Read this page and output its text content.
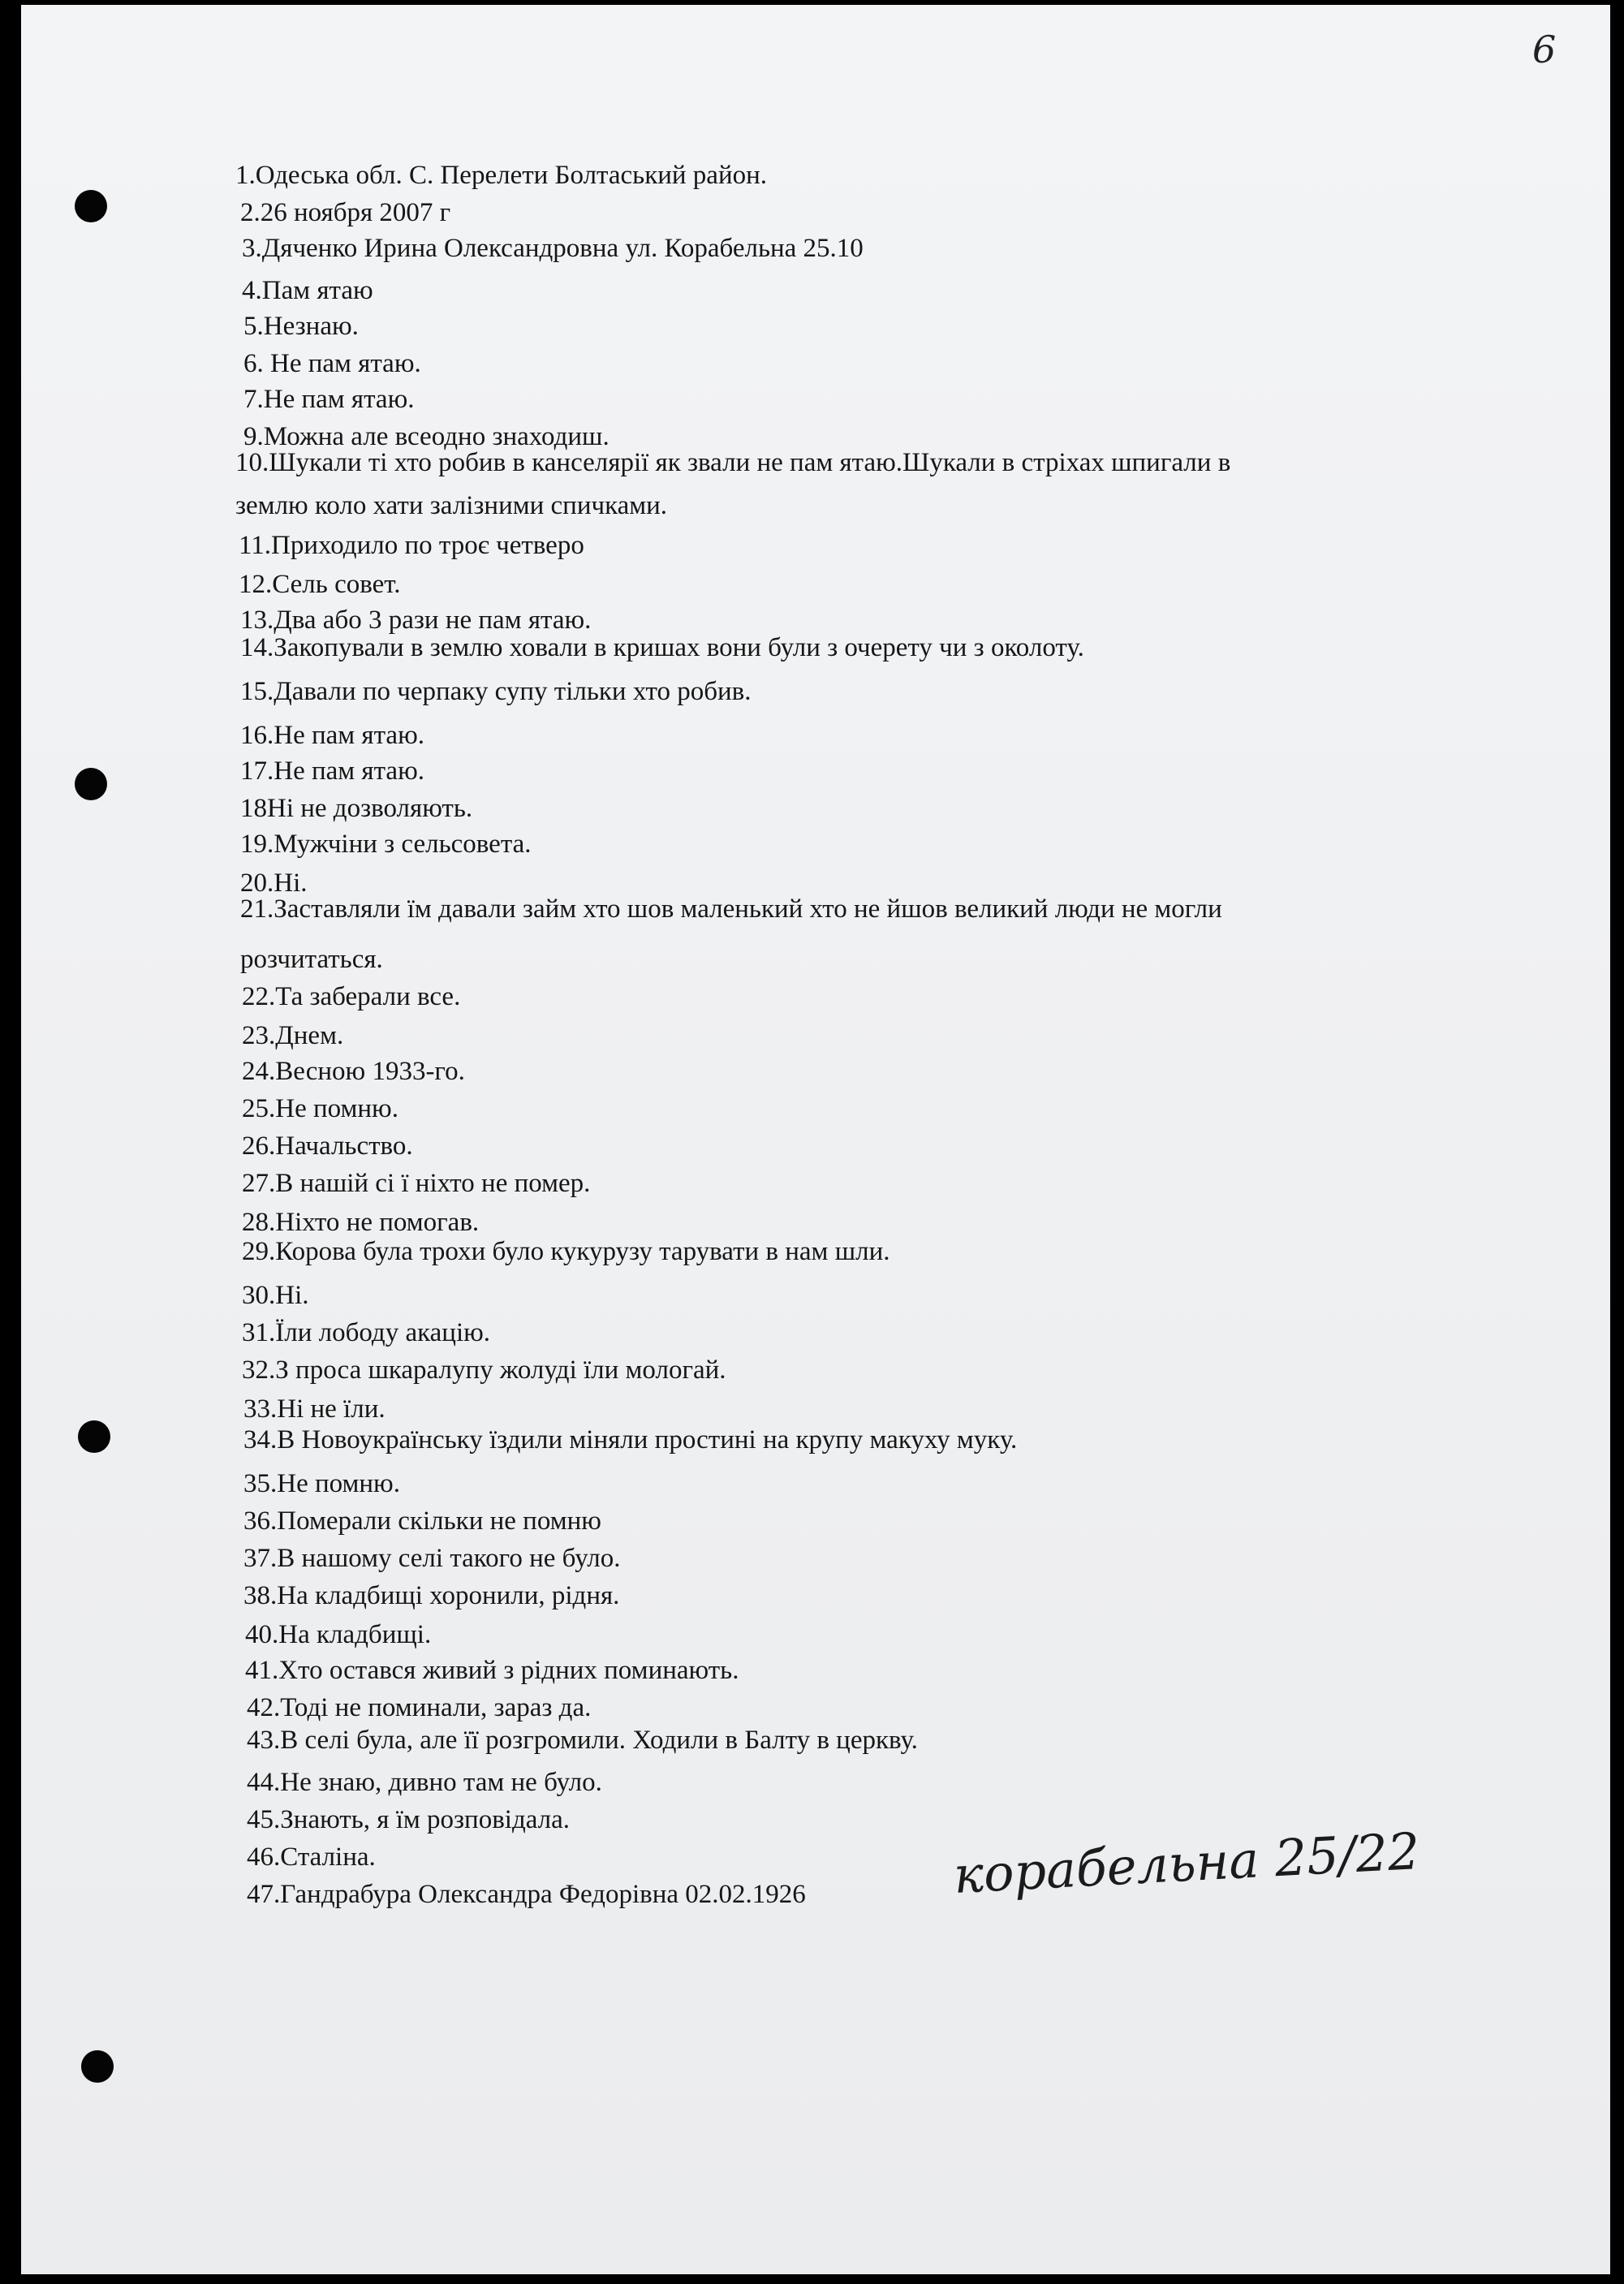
6
1.Одеська обл. С. Перелети Болтаський район.
2.26 ноября 2007 г
3.Дяченко Ирина Олександровна ул. Корабельна 25.10
4.Пам ятаю
5.Незнаю.
6. Не пам ятаю.
7.Не пам ятаю.
9.Можна але всеодно знаходиш.
10.Шукали ті хто робив в канселярії як звали не пам ятаю.Шукали в стріхах шпигали в
землю коло хати залізними спичками.
11.Приходило по троє четверо
12.Сель совет.
13.Два або 3 рази не пам ятаю.
14.Закопували в землю ховали в кришах вони були з очерету чи з околоту.
15.Давали по черпаку супу тільки хто робив.
16.Не пам ятаю.
17.Не пам ятаю.
18Ні не дозволяють.
19.Мужчіни з сельсовета.
20.Ні.
21.Заставляли їм давали займ хто шов маленький хто не йшов великий люди не могли
розчитаться.
22.Та заберали все.
23.Днем.
24.Весною 1933-го.
25.Не помню.
26.Начальство.
27.В нашій сі ї ніхто не помер.
28.Ніхто не помогав.
29.Корова була трохи було кукурузу тарувати в нам шли.
30.Ні.
31.Їли лободу акацію.
32.З проса шкаралупу жолуді їли мологай.
33.Ні не їли.
34.В Новоукраїнську їздили міняли простині на крупу макуху муку.
35.Не помню.
36.Померали скільки не помню
37.В нашому селі такого не було.
38.На кладбищі хоронили, рідня.
40.На кладбищі.
41.Хто остався живий з рідних поминають.
42.Тоді не поминали, зараз да.
43.В селі була, але її розгромили. Ходили в Балту в церкву.
44.Не знаю, дивно там не було.
45.Знають, я їм розповідала.
46.Сталіна.
47.Гандрабура Олександра Федорівна 02.02.1926	корабельна 25/22
